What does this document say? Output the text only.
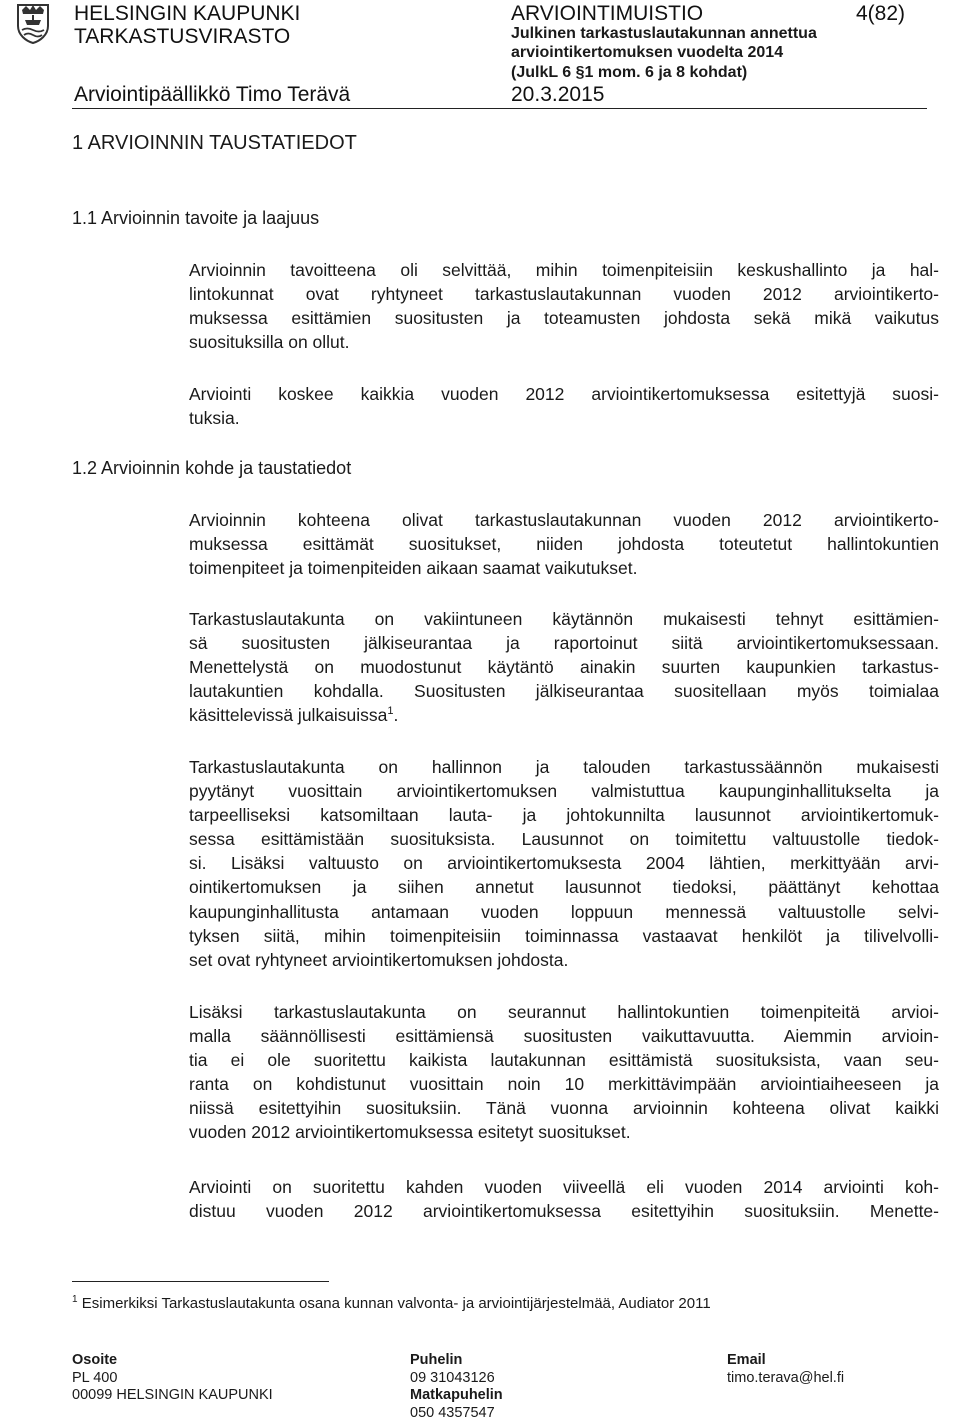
HELSINGIN KAUPUNKI
TARKASTUSVIRASTO
Arviointipäällikkö Timo Terävä
ARVIOINTIMUISTIO	4(82)
Julkinen tarkastuslautakunnan annettua
arviointikertomuksen vuodelta 2014
(JulkL 6 §1 mom. 6 ja 8 kohdat)
20.3.2015
1 ARVIOINNIN TAUSTATIEDOT
1.1 Arvioinnin tavoite ja laajuus
Arvioinnin tavoitteena oli selvittää, mihin toimenpiteisiin keskushallinto ja hal-
lintokunnat ovat ryhtyneet tarkastuslautakunnan vuoden 2012 arviointikerto-
muksessa esittämien suositusten ja toteamusten johdosta sekä mikä vaikutus
suosituksilla on ollut.
Arviointi koskee kaikkia vuoden 2012 arviointikertomuksessa esitettyjä suosi-
tuksia.
1.2 Arvioinnin kohde ja taustatiedot
Arvioinnin kohteena olivat tarkastuslautakunnan vuoden 2012 arviointikerto-
muksessa esittämät suositukset, niiden johdosta toteutetut hallintokuntien
toimenpiteet ja toimenpiteiden aikaan saamat vaikutukset.
Tarkastuslautakunta on vakiintuneen käytännön mukaisesti tehnyt esittämien-
sä suositusten jälkiseurantaa ja raportoinut siitä arviointikertomuksessaan.
Menettelystä on muodostunut käytäntö ainakin suurten kaupunkien tarkastus-
lautakuntien kohdalla. Suositusten jälkiseurantaa suositellaan myös toimialaa
käsittelevissä julkaisuissa$^1$.
Tarkastuslautakunta on hallinnon ja talouden tarkastussäännön mukaisesti
pyytänyt vuosittain arviointikertomuksen valmistuttua kaupunginhallitukselta ja
tarpeelliseksi katsomiltaan lauta- ja johtokunnilta lausunnot arviointikertomuk-
sessa esittämistään suosituksista. Lausunnot on toimitettu valtuustolle tiedok-
si. Lisäksi valtuusto on arviointikertomuksesta 2004 lähtien, merkittyään arvi-
ointikertomuksen ja siihen annetut lausunnot tiedoksi, päättänyt kehottaa
kaupunginhallitusta antamaan vuoden loppuun mennessä valtuustolle selvi-
tyksen siitä, mihin toimenpiteisiin toiminnassa vastaavat henkilöt ja tilivelvolli-
set ovat ryhtyneet arviointikertomuksen johdosta.
Lisäksi tarkastuslautakunta on seurannut hallintokuntien toimenpiteitä arvioi-
malla säännöllisesti esittämiensä suositusten vaikuttavuutta. Aiemmin arvioin-
tia ei ole suoritettu kaikista lautakunnan esittämistä suosituksista, vaan seu-
ranta on kohdistunut vuosittain noin 10 merkittävimpään arviointiaiheeseen ja
niissä esitettyihin suosituksiin. Tänä vuonna arvioinnin kohteena olivat kaikki
vuoden 2012 arviointikertomuksessa esitetyt suositukset.
Arviointi on suoritettu kahden vuoden viiveellä eli vuoden 2014 arviointi koh-
distuu vuoden 2012 arviointikertomuksessa esitettyihin suosituksiin. Menette-
$^1$ Esimerkiksi Tarkastuslautakunta osana kunnan valvonta- ja arviointijärjestelmää, Audiator 2011
Osoite
PL 400
00099 HELSINGIN KAUPUNKI
Puhelin
09 31043126
Matkapuhelin
050 4357547
Email
timo.terava@hel.fi
